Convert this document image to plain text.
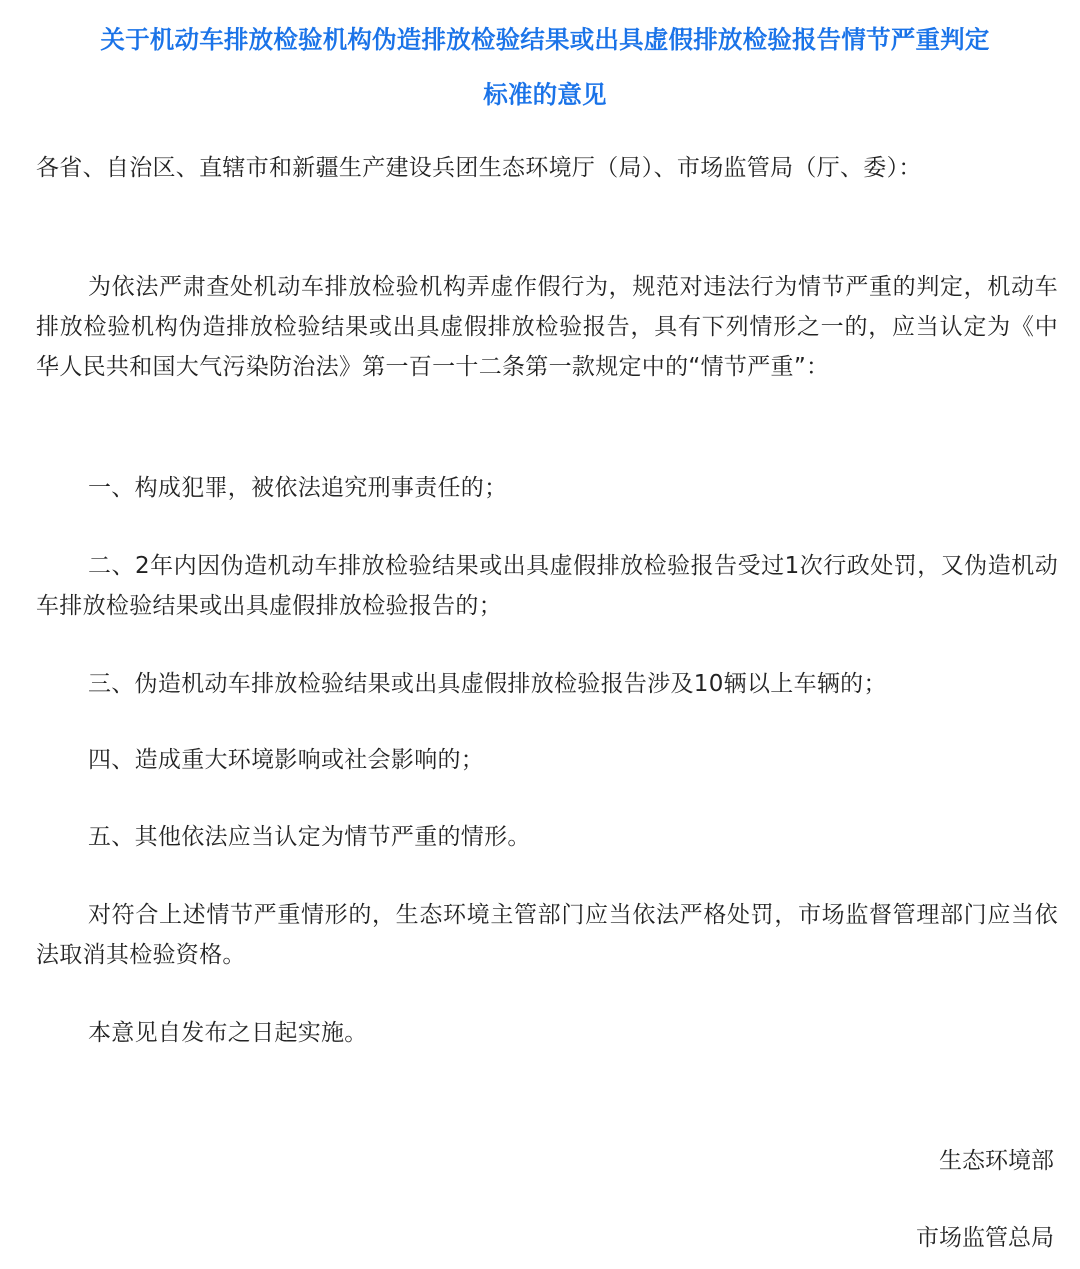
关于机动车排放检验机构伪造排放检验结果或出具虚假排放检验报告情节严重判定
标准的意见

各省、自治区、直辖市和新疆生产建设兵团生态环境厅（局）、市场监管局（厅、委）：

为依法严肃查处机动车排放检验机构弄虚作假行为，规范对违法行为情节严重的判定，机动车排放检验机构伪造排放检验结果或出具虚假排放检验报告，具有下列情形之一的，应当认定为《中华人民共和国大气污染防治法》第一百一十二条第一款规定中的“情节严重”：

一、构成犯罪，被依法追究刑事责任的；

二、2年内因伪造机动车排放检验结果或出具虚假排放检验报告受过1次行政处罚，又伪造机动车排放检验结果或出具虚假排放检验报告的；

三、伪造机动车排放检验结果或出具虚假排放检验报告涉及10辆以上车辆的；

四、造成重大环境影响或社会影响的；

五、其他依法应当认定为情节严重的情形。

对符合上述情节严重情形的，生态环境主管部门应当依法严格处罚，市场监督管理部门应当依法取消其检验资格。

本意见自发布之日起实施。

生态环境部

市场监管总局
